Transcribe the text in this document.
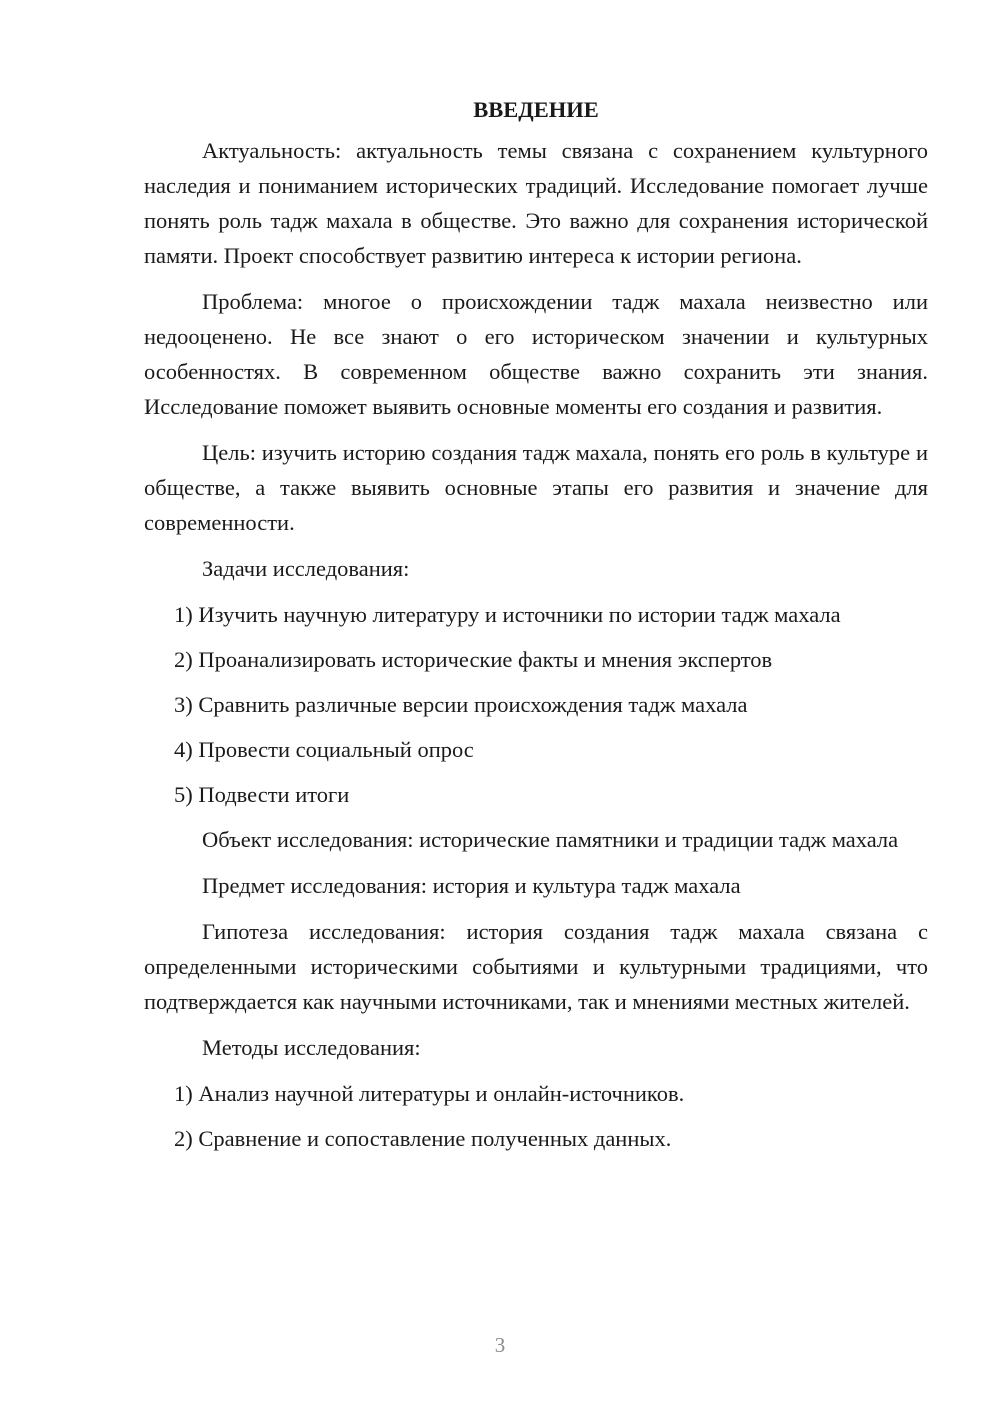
ВВЕДЕНИЕ

Актуальность: актуальность темы связана с сохранением культурного наследия и пониманием исторических традиций. Исследование помогает лучше понять роль тадж махала в обществе. Это важно для сохранения исторической памяти. Проект способствует развитию интереса к истории региона.

Проблема: многое о происхождении тадж махала неизвестно или недооценено. Не все знают о его историческом значении и культурных особенностях. В современном обществе важно сохранить эти знания. Исследование поможет выявить основные моменты его создания и развития.

Цель: изучить историю создания тадж махала, понять его роль в культуре и обществе, а также выявить основные этапы его развития и значение для современности.

Задачи исследования:

1) Изучить научную литературу и источники по истории тадж махала

2) Проанализировать исторические факты и мнения экспертов

3) Сравнить различные версии происхождения тадж махала

4) Провести социальный опрос

5) Подвести итоги

Объект исследования: исторические памятники и традиции тадж махала

Предмет исследования: история и культура тадж махала

Гипотеза исследования: история создания тадж махала связана с определенными историческими событиями и культурными традициями, что подтверждается как научными источниками, так и мнениями местных жителей.

Методы исследования:

1) Анализ научной литературы и онлайн-источников.

2) Сравнение и сопоставление полученных данных.

3
